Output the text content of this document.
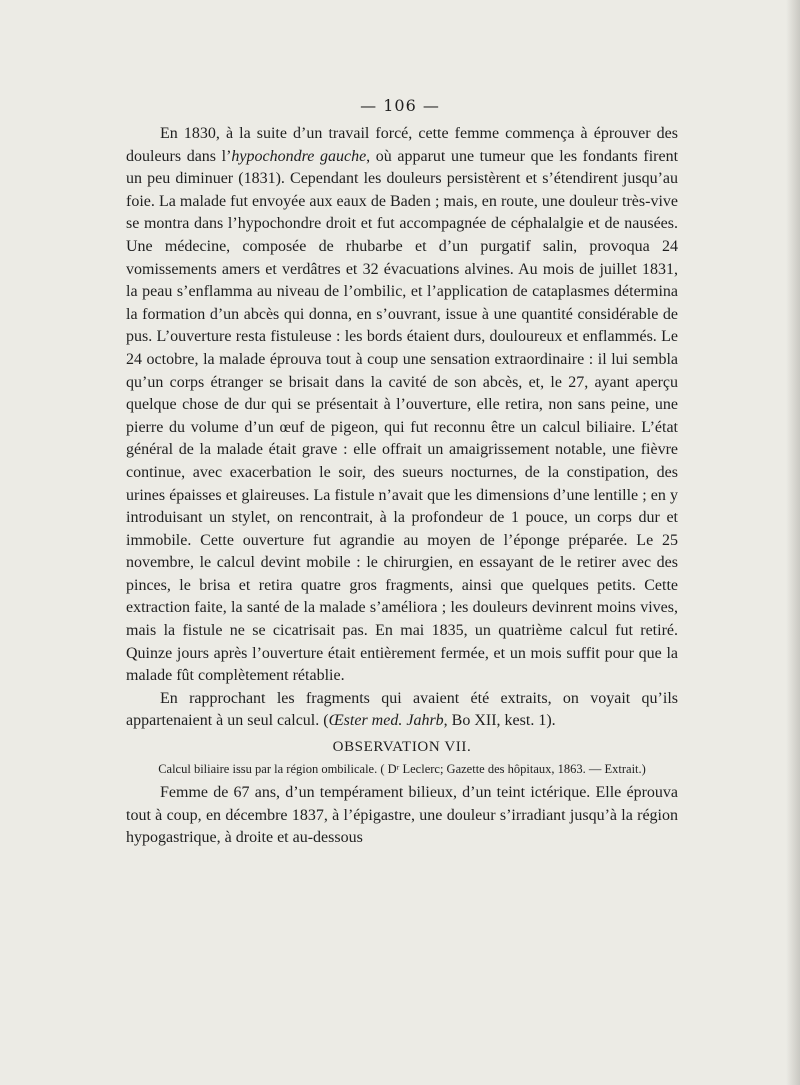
— 106 —

En 1830, à la suite d’un travail forcé, cette femme commença à éprouver des douleurs dans l’hypochondre gauche, où apparut une tumeur que les fondants firent un peu diminuer (1831). Cependant les douleurs persistèrent et s’étendirent jusqu’au foie. La malade fut envoyée aux eaux de Baden ; mais, en route, une douleur très-vive se montra dans l’hypochondre droit et fut accompagnée de céphalalgie et de nausées. Une médecine, composée de rhubarbe et d’un purgatif salin, provoqua 24 vomissements amers et verdâtres et 32 évacuations alvines. Au mois de juillet 1831, la peau s’enflamma au niveau de l’ombilic, et l’application de cataplasmes détermina la formation d’un abcès qui donna, en s’ouvrant, issue à une quantité considérable de pus. L’ouverture resta fistuleuse : les bords étaient durs, douloureux et enflammés. Le 24 octobre, la malade éprouva tout à coup une sensation extraordinaire : il lui sembla qu’un corps étranger se brisait dans la cavité de son abcès, et, le 27, ayant aperçu quelque chose de dur qui se présentait à l’ouverture, elle retira, non sans peine, une pierre du volume d’un œuf de pigeon, qui fut reconnu être un calcul biliaire. L’état général de la malade était grave : elle offrait un amaigrissement notable, une fièvre continue, avec exacerbation le soir, des sueurs nocturnes, de la constipation, des urines épaisses et glaireuses. La fistule n’avait que les dimensions d’une lentille ; en y introduisant un stylet, on rencontrait, à la profondeur de 1 pouce, un corps dur et immobile. Cette ouverture fut agrandie au moyen de l’éponge préparée. Le 25 novembre, le calcul devint mobile : le chirurgien, en essayant de le retirer avec des pinces, le brisa et retira quatre gros fragments, ainsi que quelques petits. Cette extraction faite, la santé de la malade s’améliora ; les douleurs devinrent moins vives, mais la fistule ne se cicatrisait pas. En mai 1835, un quatrième calcul fut retiré. Quinze jours après l’ouverture était entièrement fermée, et un mois suffit pour que la malade fût complètement rétablie.

En rapprochant les fragments qui avaient été extraits, on voyait qu’ils appartenaient à un seul calcul. (Œster med. Jahrb, Bo XII, kest. 1).

OBSERVATION VII.
Calcul biliaire issu par la région ombilicale. ( Dʳ Leclerc; Gazette des hôpitaux, 1863. — Extrait.)

Femme de 67 ans, d’un tempérament bilieux, d’un teint ictérique. Elle éprouva tout à coup, en décembre 1837, à l’épigastre, une douleur s’irradiant jusqu’à la région hypogastrique, à droite et au-dessous
